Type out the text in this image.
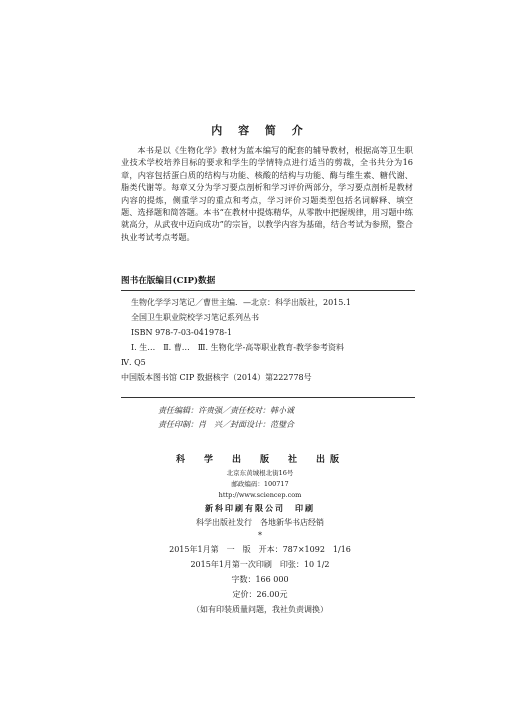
内 容 简 介

本书是以《生物化学》教材为蓝本编写的配套的辅导教材，根据高等卫生职业技术学校培养目标的要求和学生的学情特点进行适当的剪裁，全书共分为16章，内容包括蛋白质的结构与功能、核酸的结构与功能、酶与维生素、糖代谢、脂类代谢等。每章又分为学习要点剖析和学习评价两部分，学习要点剖析是教材内容的提炼，侧重学习的重点和考点，学习评价习题类型包括名词解释、填空题、选择题和简答题。本书“在教材中提炼精华，从零散中把握规律，用习题中练就高分，从武夜中迈向成功”的宗旨，以教学内容为基础，结合考试为参照，整合执业考试考点考题。

图书在版编目(CIP)数据
生物化学学习笔记／曹世主编．—北京：科学出版社，2015.1
全国卫生职业院校学习笔记系列丛书
ISBN 978-7-03-041978-1
Ⅰ. 生…　Ⅱ. 曹…　Ⅲ. 生物化学-高等职业教育-教学参考资料
Ⅳ. Q5
中国版本图书馆 CIP 数据核字（2014）第222778号
责任编辑：许贵强／责任校对：韩小诚
责任印制：肖　兴／封面设计：范璧合
科　学　出　版　社　出版
北京东黄城根北街16号
邮政编码：100717
http://www.sciencep.com
新科印刷有限公司　印刷
科学出版社发行　各地新华书店经销
*
2015年1月第　一　版　开本：787×1092　1/16
2015年1月第一次印刷　印张：10 1/2
字数：166 000
定价：26.00元
（如有印装质量问题，我社负责调换）
